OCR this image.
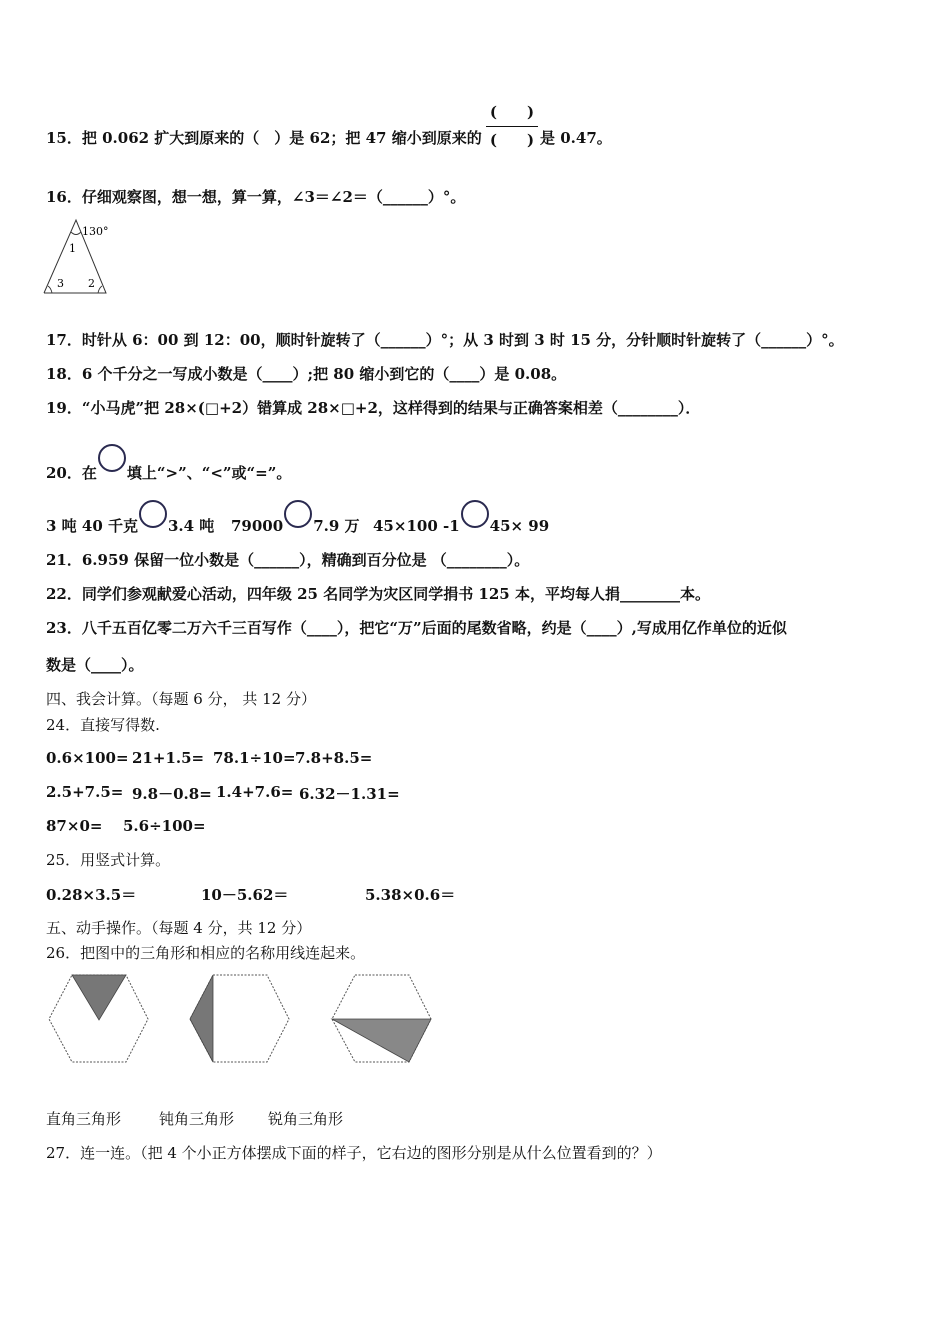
(　　)
15．把 0.062 扩大到原来的（　）是 62；把 47 缩小到原来的 (　　) 是 0.47。
16．仔细观察图，想一想，算一算，∠3＝∠2＝（______）°。
130°
1
3 2
17．时针从 6：00 到 12：00，顺时针旋转了（______）°；从 3 时到 3 时 15 分，分针顺时针旋转了（______）°。
18．6 个千分之一写成小数是（____）;把 80 缩小到它的（____）是 0.08。
19．“小马虎”把 28×(□+2）错算成 28×□+2，这样得到的结果与正确答案相差（________）．
20．在 填上“>”、“<”或“=”。
3 吨 40 千克 3.4 吨 79000 7.9 万 45×100 -1 45× 99
21．6.959 保留一位小数是（______），精确到百分位是 （________）。
22．同学们参观献爱心活动，四年级 25 名同学为灾区同学捐书 125 本，平均每人捐________本。
23．八千五百亿零二万六千三百写作（____），把它“万”后面的尾数省略，约是（____）,写成用亿作单位的近似
数是（____）。
四、我会计算。（每题 6 分， 共 12 分）
24．直接写得数.
0.6×100= 21+1.5= 78.1÷10= 7.8+8.5=
2.5+7.5= 9.8－0.8= 1.4+7.6= 6.32－1.31=
87×0= 5.6÷100=
25．用竖式计算。
0.28×3.5＝	10－5.62＝	5.38×0.6＝
五、动手操作。（每题 4 分，共 12 分）
26．把图中的三角形和相应的名称用线连起来。
直角三角形	钝角三角形 锐角三角形
27．连一连。（把 4 个小正方体摆成下面的样子，它右边的图形分别是从什么位置看到的？）
